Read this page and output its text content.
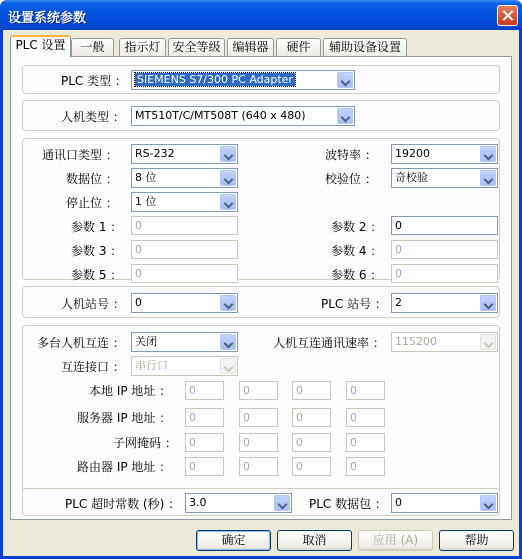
设置系统参数
PLC 设置	一般	指示灯 安全等级 编辑器	硬件	辅助设备设置
PLC 类型 ： SIEMENS S7/300 PC Adapter
人机类型 ： MT510T/C/MT508T (640 x 480)
通讯口类型 ：	RS-232	波特率 ：	19200
数据位 ：	8 位	校验位 ：	奇校验
停止位 ：	1 位
参数 1 ：	0	参数 2 ：	0
参数 3 ：	0	参数 4 ：	0
参数 5 ：	0	参数 6 ：	0
人机站号 ： 0	PLC 站号 ： 2
多台人机互连 ： 关闭	人机互连通讯速率 ： 115200
互连接口 ： 串行口
本地 IP 地址 ：	0	0	0	0
服务器 IP 地址 ：	0	0	0	0
子网掩码 ：	0	0	0	0
路由器 IP 地址 ：	0	0	0	0
PLC 超时常数 (秒) ： 3.0	PLC 数据包 ： 0
确定	取消	应用 (A)	帮助
